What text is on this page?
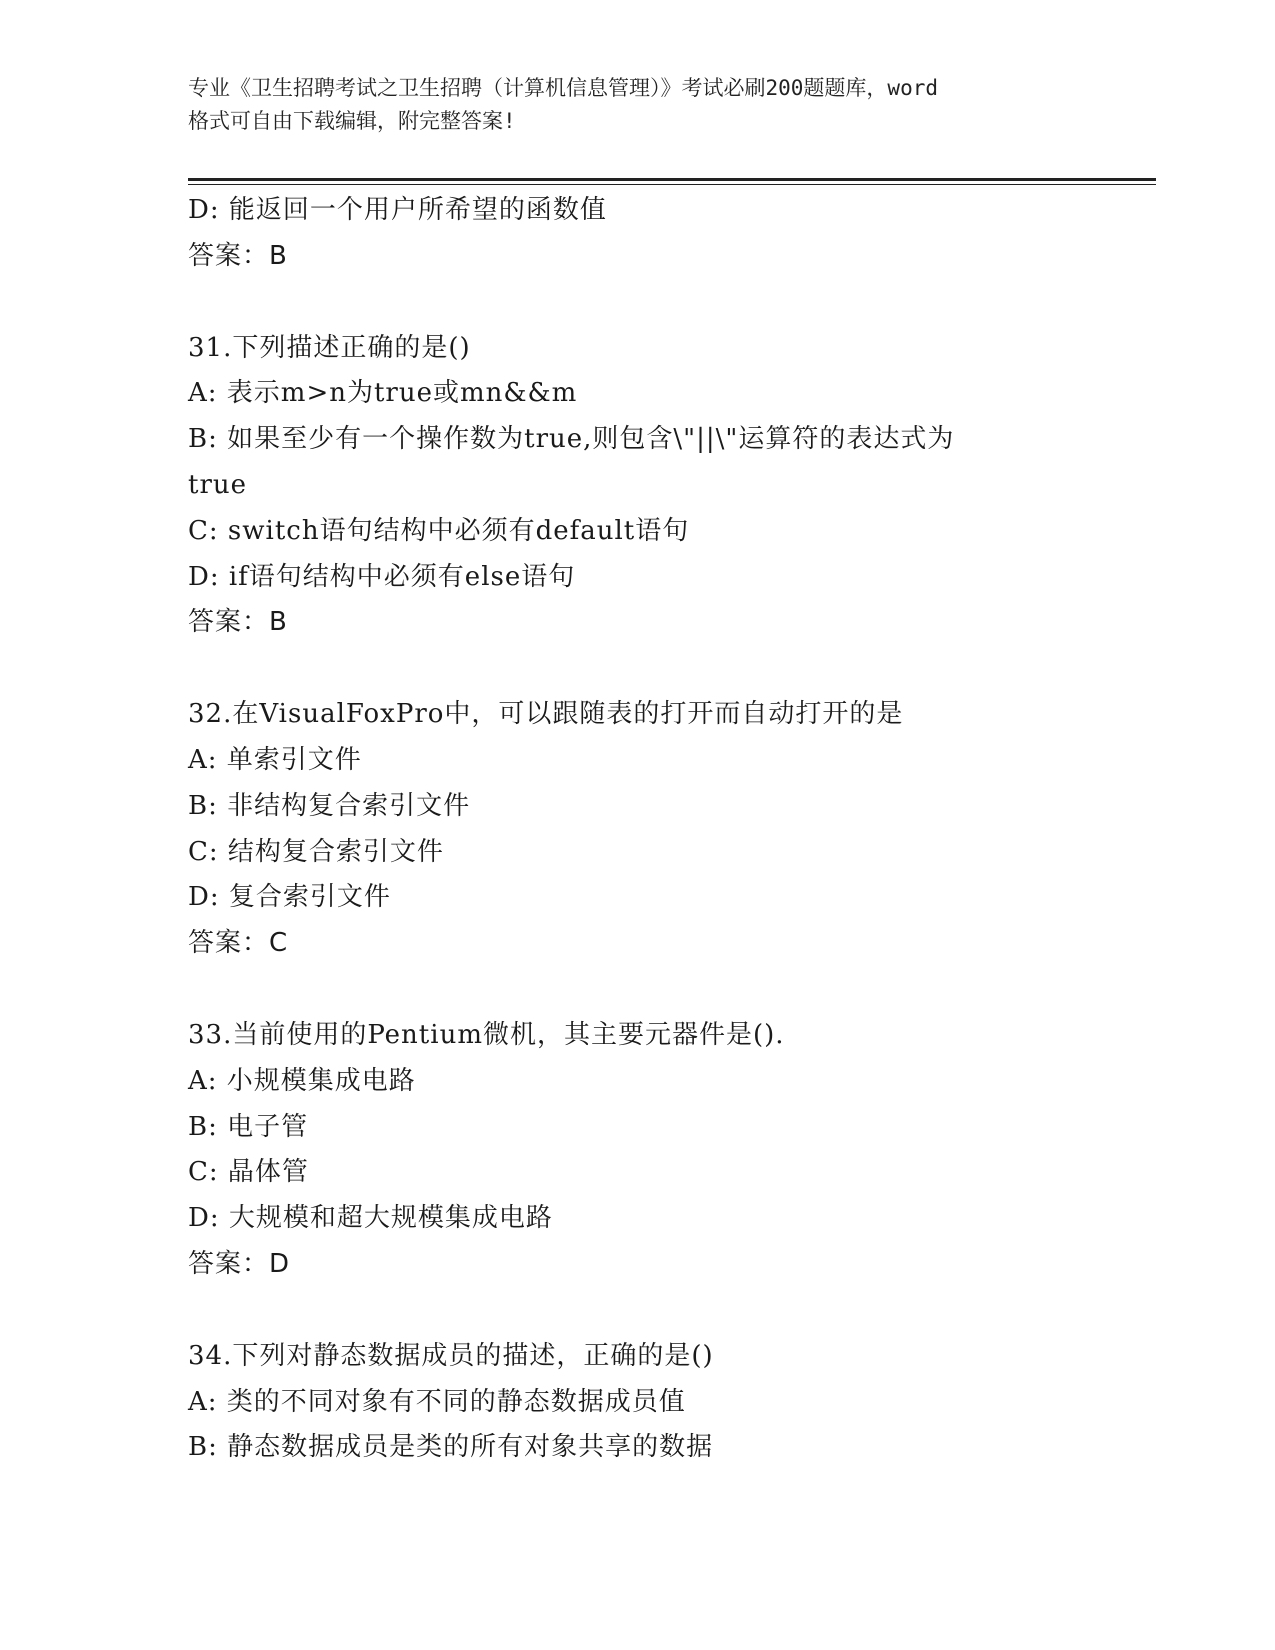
专业《卫生招聘考试之卫生招聘（计算机信息管理）》考试必刷200题题库，word
格式可自由下载编辑，附完整答案!
D: 能返回一个用户所希望的函数值
答案：B
31.下列描述正确的是()
A: 表示m>n为true或mn&&m
B: 如果至少有一个操作数为true,则包含\"||\"运算符的表达式为
true
C: switch语句结构中必须有default语句
D: if语句结构中必须有else语句
答案：B
32.在VisualFoxPro中，可以跟随表的打开而自动打开的是
A: 单索引文件
B: 非结构复合索引文件
C: 结构复合索引文件
D: 复合索引文件
答案：C
33.当前使用的Pentium微机，其主要元器件是().
A: 小规模集成电路
B: 电子管
C: 晶体管
D: 大规模和超大规模集成电路
答案：D
34.下列对静态数据成员的描述，正确的是()
A: 类的不同对象有不同的静态数据成员值
B: 静态数据成员是类的所有对象共享的数据
